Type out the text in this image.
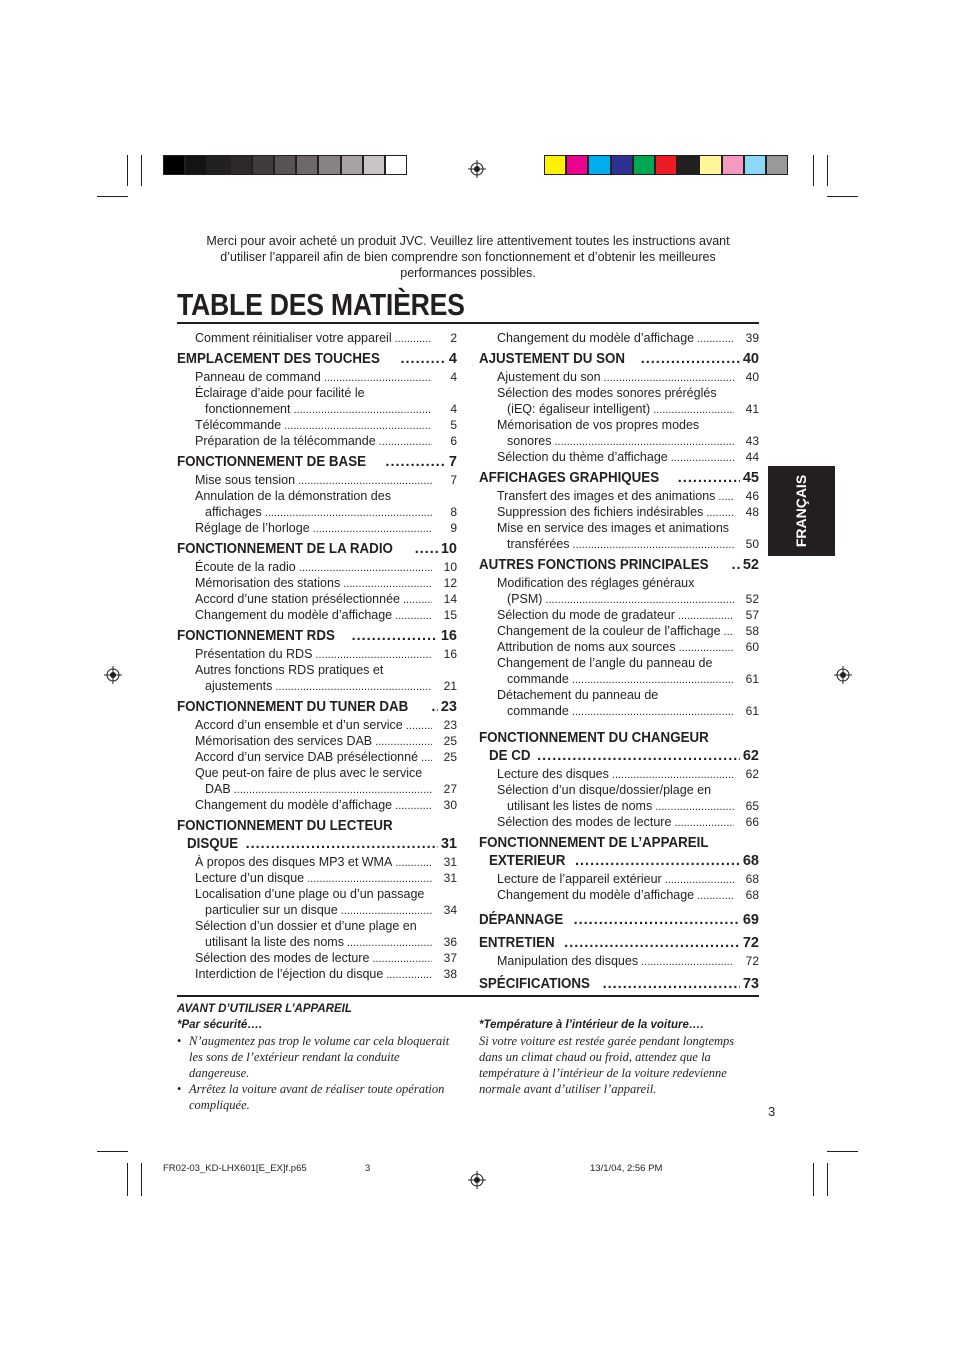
Merci pour avoir acheté un produit JVC. Veuillez lire attentivement toutes les instructions avant
d’utiliser l’appareil afin de bien comprendre son fonctionnement et d’obtenir les meilleures
performances possibles.
TABLE DES MATIÈRES
FRANÇAIS
Comment réinitialiser votre appareil .....	2
EMPLACEMENT DES TOUCHES .....	4
Panneau de command .....	4
Éclairage d’aide pour facilité le
fonctionnement .....	4
Télécommande .....	5
Préparation de la télécommande .....	6
FONCTIONNEMENT DE BASE .....	7
Mise sous tension .....	7
Annulation de la démonstration des
affichages .....	8
Réglage de l’horloge .....	9
FONCTIONNEMENT DE LA RADIO .....	10
Écoute de la radio .....	10
Mémorisation des stations .....	12
Accord d’une station présélectionnée .....	14
Changement du modèle d’affichage .....	15
FONCTIONNEMENT RDS .....	16
Présentation du RDS .....	16
Autres fonctions RDS pratiques et
ajustements .....	21
FONCTIONNEMENT DU TUNER DAB ..... 23
Accord d’un ensemble et d’un service .....	23
Mémorisation des services DAB .....	25
Accord d’un service DAB présélectionné .....	25
Que peut-on faire de plus avec le service
DAB .....	27
Changement du modèle d’affichage .....	30
FONCTIONNEMENT DU LECTEUR
DISQUE .....	31
À propos des disques MP3 et WMA .....	31
Lecture d’un disque .....	31
Localisation d’une plage ou d’un passage
particulier sur un disque .....	34
Sélection d’un dossier et d’une plage en
utilisant la liste des noms .....	36
Sélection des modes de lecture .....	37
Interdiction de l’éjection du disque .....	38
Changement du modèle d’affichage .....	39
AJUSTEMENT DU SON .....	40
Ajustement du son .....	40
Sélection des modes sonores préréglés
(iEQ: égaliseur intelligent) .....	41
Mémorisation de vos propres modes
sonores .....	43
Sélection du thème d’affichage .....	44
AFFICHAGES GRAPHIQUES .....	45
Transfert des images et des animations .....	46
Suppression des fichiers indésirables .....	48
Mise en service des images et animations
transférées .....	50
AUTRES FONCTIONS PRINCIPALES ..... 52
Modification des réglages généraux
(PSM) .....	52
Sélection du mode de gradateur .....	57
Changement de la couleur de l’affichage .....	58
Attribution de noms aux sources .....	60
Changement de l’angle du panneau de
commande .....	61
Détachement du panneau de
commande .....	61
FONCTIONNEMENT DU CHANGEUR
DE CD .....	62
Lecture des disques .....	62
Sélection d’un disque/dossier/plage en
utilisant les listes de noms .....	65
Sélection des modes de lecture .....	66
FONCTIONNEMENT DE L’APPAREIL
EXTERIEUR .....	68
Lecture de l’appareil extérieur .....	68
Changement du modèle d’affichage .....	68
DÉPANNAGE .....	69
ENTRETIEN .....	72
Manipulation des disques .....	72
SPÉCIFICATIONS .....	73
AVANT D’UTILISER L’APPAREIL
*Par sécurité….
• N’augmentez pas trop le volume car cela bloquerait les sons de l’extérieur rendant la conduite dangereuse.
• Arrêtez la voiture avant de réaliser toute opération compliquée.
*Température à l’intérieur de la voiture….
Si votre voiture est restée garée pendant longtemps dans un climat chaud ou froid, attendez que la température à l’intérieur de la voiture redevienne normale avant d’utiliser l’appareil.
3
FR02-03_KD-LHX601[E_EX]f.p65	3	13/1/04, 2:56 PM
